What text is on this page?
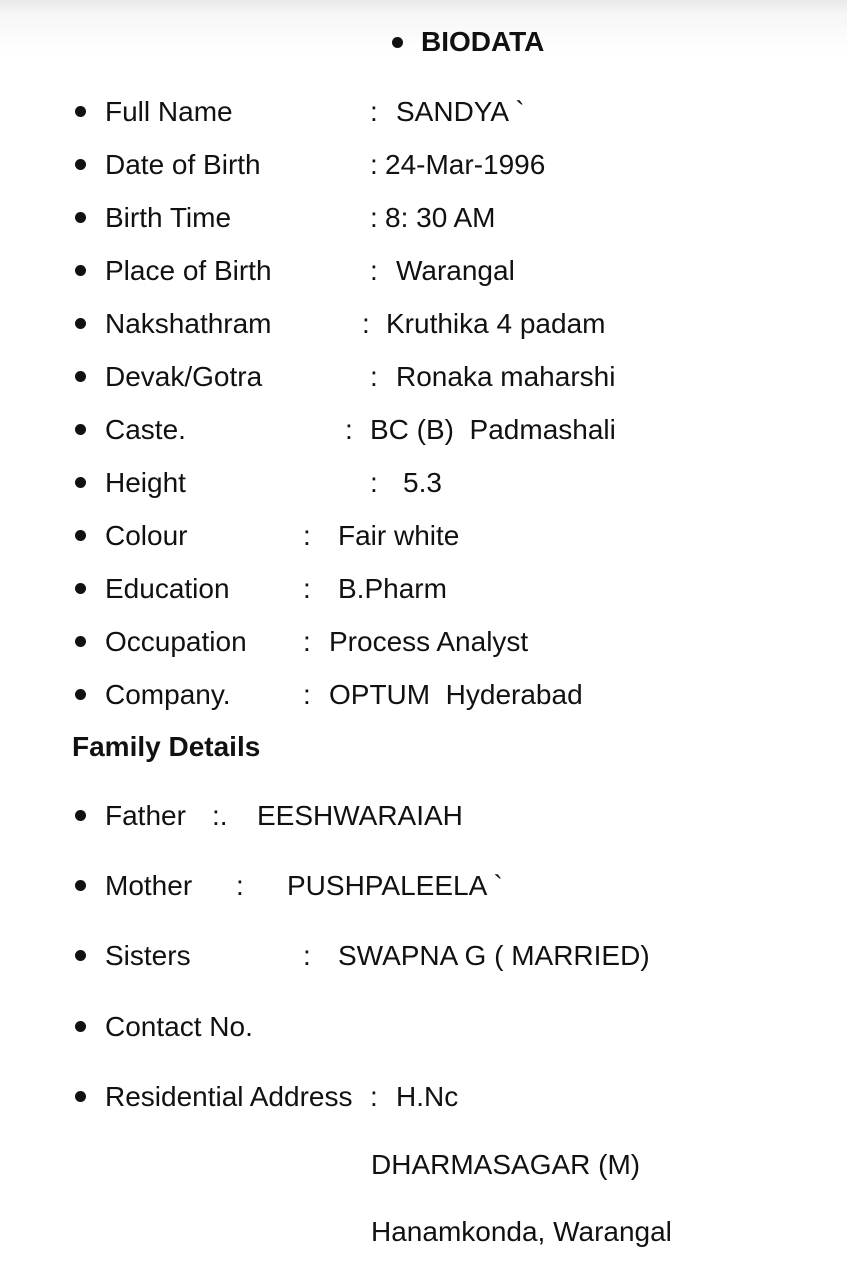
BIODATA
Full Name	: SANDYA `
Date of Birth	: 24-Mar-1996
Birth Time	: 8: 30 AM
Place of Birth	: Warangal
Nakshathram	: Kruthika 4 padam
Devak/Gotra	: Ronaka maharshi
Caste.	: BC (B)  Padmashali
Height	: 5.3
Colour	: Fair white
Education	: B.Pharm
Occupation : Process Analyst
Company.	: OPTUM  Hyderabad
Family Details
Father :. EESHWARAIAH
Mother : PUSHPALEELA `
Sisters	: SWAPNA G ( MARRIED)
Contact No.
Residential Address : H.Nc
DHARMASAGAR (M)
Hanamkonda, Warangal
